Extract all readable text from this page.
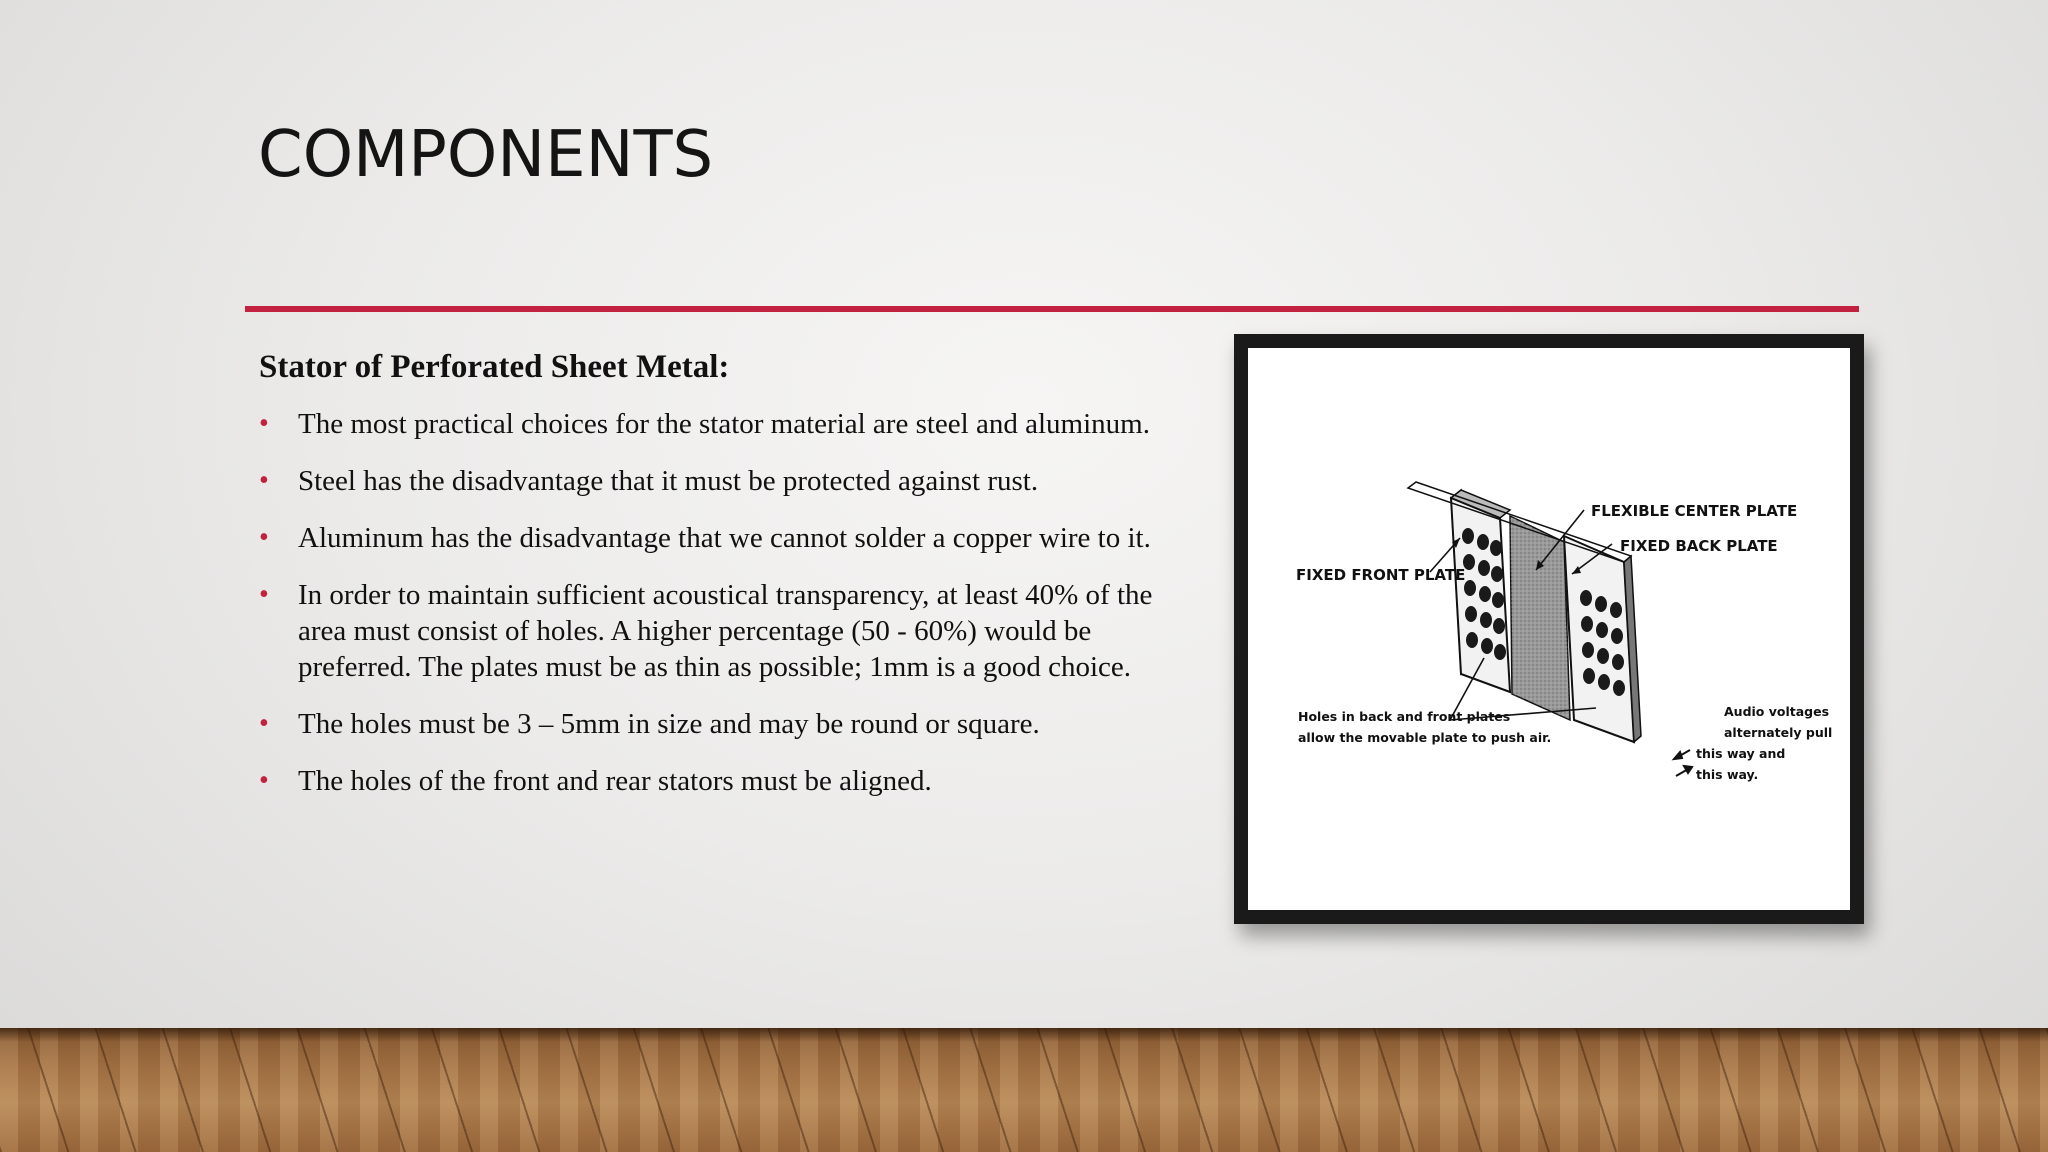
COMPONENTS
Stator of Perforated Sheet Metal:
• The most practical choices for the stator material are steel and aluminum.
• Steel has the disadvantage that it must be protected against rust.
• Aluminum has the disadvantage that we cannot solder a copper wire to it.
• In order to maintain sufficient acoustical transparency, at least 40% of the area must consist of holes. A higher percentage (50 - 60%) would be preferred. The plates must be as thin as possible; 1mm is a good choice.
• The holes must be 3 – 5mm in size and may be round or square.
• The holes of the front and rear stators must be aligned.
FLEXIBLE CENTER PLATE
FIXED BACK PLATE
FIXED FRONT PLATE
Holes in back and front plates
allow the movable plate to push air.
Audio voltages
alternately pull
this way and
this way.
